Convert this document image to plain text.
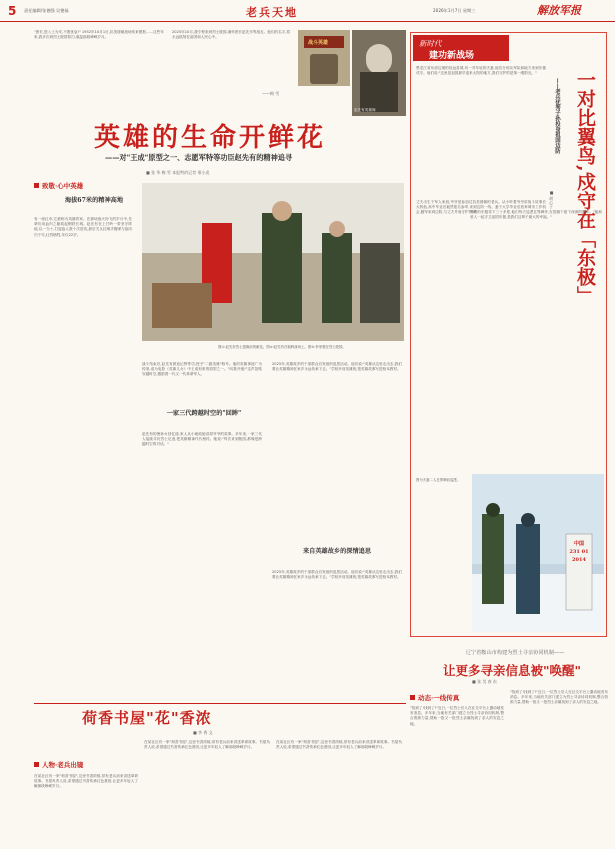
5 责任编辑/张德强 吴德福	老兵天地	2026年1月7日 星期三	解放军报
"团长,您入土为安,不胜忧哀!" 1952年10月1日,抗美援朝战场传来捷报……这些年来,我多次到烈士陵园祭扫,重温那段峥嵘岁月。
2025年10月,我专程来到烈士陵园,缅怀团长赵先东等战友。他们的名字,将永远铭刻在祖国和人民心中。
——梅 雪
战斗英雄
赵先有英雄像
英雄的生命开鲜花
——对"王成"原型之一、志愿军特等功臣赵先有的精神追寻
■ 张 华 梅 雪 本报特约记者 邢小虎
致敬·心中英雄
海拔67米的精神高地
有一座红伞,它被称为英雄的家。在那场战火纷飞的岁月中,先辈们用血肉之躯筑起钢铁长城。赵先有在上甘岭一带坚守阵地,以一当十,打退敌人数十次进攻,最后关头拉响手榴弹与敌同归于尽,壮烈牺牲,年仅22岁。
图①:赵先有烈士遗像前的献花。图②:赵先有在朝鲜战场上。图③:李家强在烈士陵园。
战斗结束后,赵先有被追记特等功,授予"二级英雄"称号。他的英雄事迹广为传颂,成为电影《英雄儿女》中王成形象的原型之一。"向我开炮!"这声怒吼穿越时空,激励着一代又一代革命军人。
一家三代跨越时空的"回眸"
赵先有的侄孙女回忆道,家人从小就给她讲叔爷爷的故事。多年来,一家三代人接续寻访烈士足迹,把英雄精神代代相传。她说:"每次来到陵园,都像是跨越时空的对话。"
2025年,英雄故乡的干部群众自发组织追思活动。他们说:"英雄从这里走出去,我们要让英雄精神在家乡永远传承下去。"学校开设英雄班,把英雄故事写进校本教材。
来自英雄故乡的深情追思
2025年,英雄故乡的干部群众自发组织追思活动。他们说:"英雄从这里走出去,我们要让英雄精神在家乡永远传承下去。"学校开设英雄班,把英雄故事写进校本教材。
新时代
建功新战场
一对比翼鸟,戍守在「东极」
——老兵优秀子孙投身祖国边防
■ 胡心子
黑龙江省东部边境的抚远县城,有一对年轻的夫妻,他们分别从军队和地方来到东极戍守。他们说:"这里是祖国最早迎来太阳的地方,我们守护的是第一缕阳光。"
丈夫出生于军人家庭,爷爷是参加过抗美援朝的老兵。从小听着爷爷讲战斗故事长大的他,高中毕业后毅然报名参军,来到边防一线。妻子大学毕业后放弃城市工作机会,随军来到边防,与丈夫并肩守护界碑。
冬季的东极零下三十多度,他们每天巡逻在界碑旁,在国旗下留下深深的脚印。"能和爱人一起守卫祖国东极,是我们这辈子最大的幸福。"
中国 231 01 2014
图为夫妻二人在界碑前巡逻。
辽宁省鞍山市构建为烈士寻亲协同机制——
让更多寻亲信息被"唤醒"
■ 张 昊 春 东
动态·一线传真
"找到了!找到了!"近日,一位烈士后人在社交平台上激动地发布消息。多年来,当地有关部门建立为烈士寻亲协同机制,整合资源力量,帮助一批又一批烈士亲属找到了亲人的安息之地。
"找到了!找到了!"近日,一位烈士后人在社交平台上激动地发布消息。多年来,当地有关部门建立为烈士寻亲协同机制,整合资源力量,帮助一批又一批烈士亲属找到了亲人的安息之地。
荷香书屋"花"香浓
■ 李 香 文
人物·老兵出镜
在某社区有一家"荷香书屋",这里书香浓郁,常有老兵前来讲述革命故事。书屋负责人说,希望通过书香传承红色基因,让更多年轻人了解那段峥嵘岁月。
在某社区有一家"荷香书屋",这里书香浓郁,常有老兵前来讲述革命故事。书屋负责人说,希望通过书香传承红色基因,让更多年轻人了解那段峥嵘岁月。
在某社区有一家"荷香书屋",这里书香浓郁,常有老兵前来讲述革命故事。书屋负责人说,希望通过书香传承红色基因,让更多年轻人了解那段峥嵘岁月。
